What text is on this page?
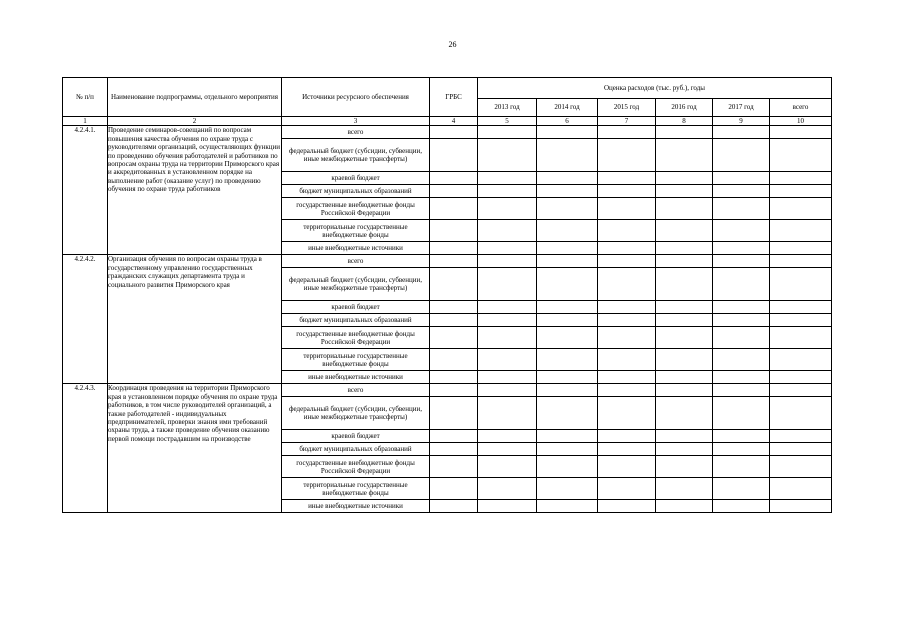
26
№ п/п	Наименование подпрограммы, отдельного мероприятия	Источники ресурсного обеспечения	ГРБС	Оценка расходов (тыс. руб.), годы					
				2013 год	2014 год	2015 год	2016 год	2017 год	всего
1	2	3	4	5	6	7	8	9	10
4.2.4.1.	Проведение семинаров-совещаний по вопросам повышения качества обучения по охране труда с руководителями организаций, осуществляющих функции по проведению обучения работодателей и работников по вопросам охраны труда на территории Приморского края и аккредитованных в установленном порядке на выполнение работ (оказание услуг) по проведению обучения по охране труда работников	всего							
		федеральный бюджет (субсидии, субвенции, иные межбюджетные трансферты)							
		краевой бюджет							
		бюджет муниципальных образований							
		государственные внебюджетные фонды Российской Федерации							
		территориальные государственные внебюджетные фонды							
		иные внебюджетные источники							
4.2.4.2.	Организация обучения по вопросам охраны труда в государственному управлению государственных гражданских служащих департамента труда и социального развития Приморского края	всего							
		федеральный бюджет (субсидии, субвенции, иные межбюджетные трансферты)							
		краевой бюджет							
		бюджет муниципальных образований							
		государственные внебюджетные фонды Российской Федерации							
		территориальные государственные внебюджетные фонды							
		иные внебюджетные источники							
4.2.4.3.	Координация проведения на территории Приморского края в установленном порядке обучения по охране труда работников, в том числе руководителей организаций, а также работодателей - индивидуальных предпринимателей, проверки знания ими требований охраны труда, а также проведение обучения оказанию первой помощи пострадавшим на производстве	всего							
		федеральный бюджет (субсидии, субвенции, иные межбюджетные трансферты)							
		краевой бюджет							
		бюджет муниципальных образований							
		государственные внебюджетные фонды Российской Федерации							
		территориальные государственные внебюджетные фонды							
		иные внебюджетные источники							
